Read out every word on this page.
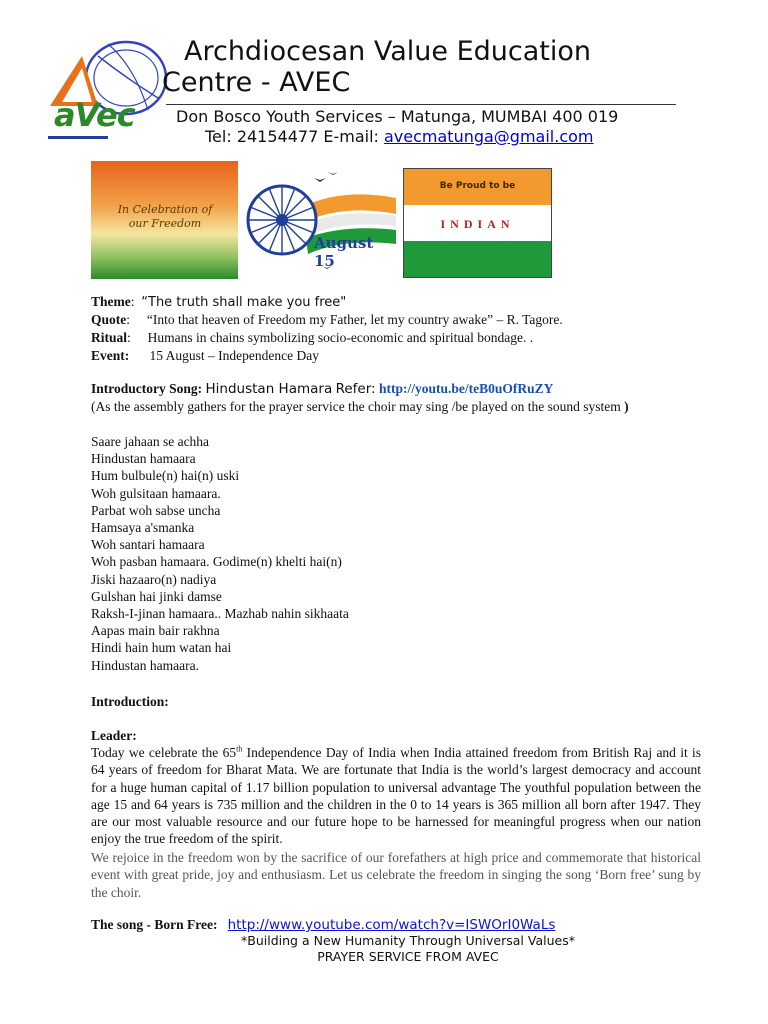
aVec
Archdiocesan Value Education
Centre - AVEC
Don Bosco Youth Services – Matunga, MUMBAI 400 019
Tel: 24154477 E-mail: avecmatunga@gmail.com
In Celebration of our Freedom
August 15
Be Proud to be
INDIAN
Theme:  “The truth shall make you free"
Quote:     “Into that heaven of Freedom my Father, let my country awake” – R. Tagore.
Ritual:     Humans in chains symbolizing socio-economic and spiritual bondage. .
Event: 15 August – Independence Day
Introductory Song: Hindustan Hamara Refer: http://youtu.be/teB0uOfRuZY
(As the assembly gathers for the prayer service the choir may sing /be played on the sound system )
Saare jahaan se achha
Hindustan hamaara
Hum bulbule(n) hai(n) uski
Woh gulsitaan hamaara.
Parbat woh sabse uncha
Hamsaya a'smanka
Woh santari hamaara
Woh pasban hamaara. Godime(n) khelti hai(n)
Jiski hazaaro(n) nadiya
Gulshan hai jinki damse
Raksh-I-jinan hamaara.. Mazhab nahin sikhaata
Aapas main bair rakhna
Hindi hain hum watan hai
Hindustan hamaara.
Introduction:
Leader:
Today we celebrate the 65th Independence Day of India when India attained freedom from British Raj and it is 64 years of freedom for Bharat Mata. We are fortunate that India is the world’s largest democracy and account for a huge human capital of 1.17 billion population to universal advantage The youthful population between the age 15 and 64 years is 735 million and the children in the 0 to 14 years is 365 million all born after 1947. They are our most valuable resource and our future hope to be harnessed for meaningful progress when our nation enjoy the true freedom of the spirit.
We rejoice in the freedom won by the sacrifice of our forefathers at high price and commemorate that historical event with great pride, joy and enthusiasm. Let us celebrate the freedom in singing the song ‘Born free’ sung by the choir.
The song - Born Free: http://www.youtube.com/watch?v=ISWOrI0WaLs
*Building a New Humanity Through Universal Values*
PRAYER SERVICE FROM AVEC
